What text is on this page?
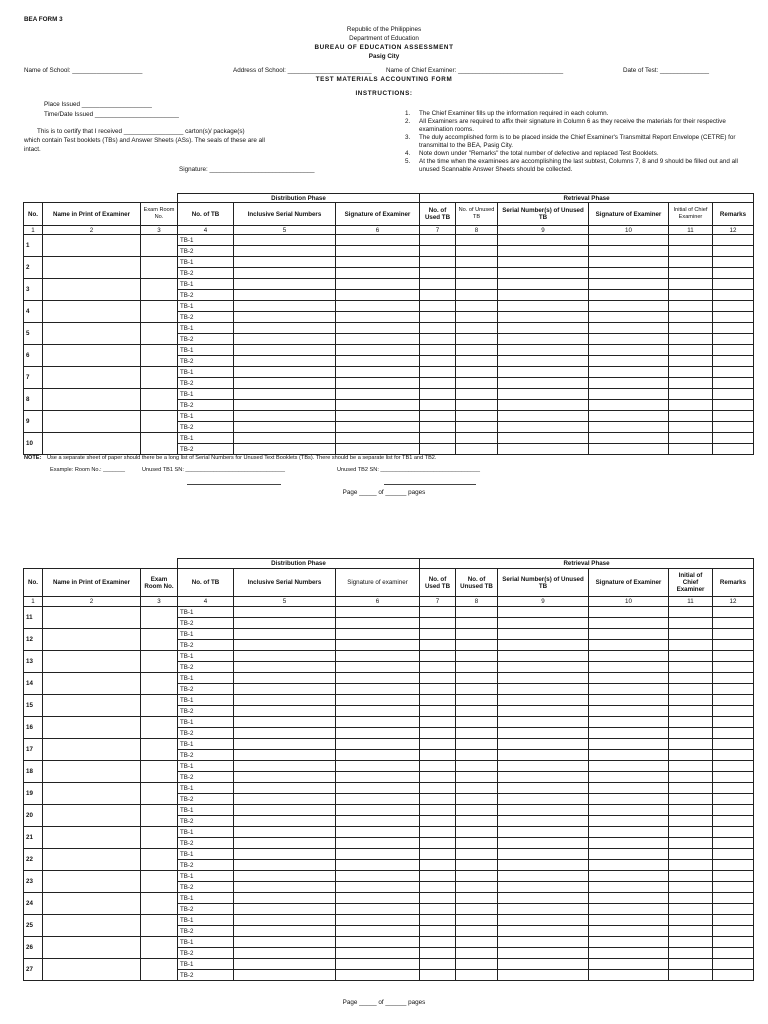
BEA FORM 3
Republic of the Philippines
Department of Education
BUREAU OF EDUCATION ASSESSMENT
Pasig City
Name of School: ____________________	Address of School: ________________________ Name of Chief Examiner: ______________________________	Date of Test: ______________
TEST MATERIALS ACCOUNTING FORM
INSTRUCTIONS:
Place Issued ____________________
Time/Date Issued ________________________
This is to certify that I received _________________ carton(s)/ package(s)
which contain Test booklets (TBs) and Answer Sheets (ASs). The seals of these are all
intact.
Signature: ______________________________
1.	The Chief Examiner fills up the information required in each column.
2.	All Examiners are required to affix their signature in Column 6 as they receive the materials for their respective examination rooms.
3.	The duly accomplished form is to be placed inside the Chief Examiner's Transmittal Report Envelope (CETRE) for transmittal to the BEA, Pasig City.
4.	Note down under "Remarks" the total number of defective and replaced Test Booklets.
5.	At the time when the examinees are accomplishing the last subtest, Columns 7, 8 and 9 should be filled out and all unused Scannable Answer Sheets should be collected.
			Distribution Phase			Retrieval Phase					
No.	Name in Print of Examiner	Exam Room No.	No. of TB	Inclusive Serial Numbers	Signature of Examiner	No. of Used TB	No. of Unused TB	Serial Number(s) of Unused TB	Signature of Examiner	Initial of Chief Examiner	Remarks
1	2	3	4	5	6	7	8	9	10	11	12
1			TB-1								
			TB-2								
2			TB-1								
			TB-2								
3			TB-1								
			TB-2								
4			TB-1								
			TB-2								
5			TB-1								
			TB-2								
6			TB-1								
			TB-2								
7			TB-1								
			TB-2								
8			TB-1								
			TB-2								
9			TB-1								
			TB-2								
10			TB-1								
			TB-2								
NOTE: Use a separate sheet of paper should there be a long list of Serial Numbers for Unused Text Booklets (TBs). There should be a separate list for TB1 and TB2.
Example: Room No.: _______	Unused TB1 SN: ________________________________	Unused TB2 SN: ________________________________
Page _____ of ______ pages
			Distribution Phase			Retrieval Phase					
No.	Name in Print of Examiner	Exam Room No.	No. of TB	Inclusive Serial Numbers	Signature of examiner	No. of Used TB	No. of Unused TB	Serial Number(s) of Unused TB	Signature of Examiner	Initial of Chief Examiner	Remarks
1	2	3	4	5	6	7	8	9	10	11	12
11			TB-1								
			TB-2								
12			TB-1								
			TB-2								
13			TB-1								
			TB-2								
14			TB-1								
			TB-2								
15			TB-1								
			TB-2								
16			TB-1								
			TB-2								
17			TB-1								
			TB-2								
18			TB-1								
			TB-2								
19			TB-1								
			TB-2								
20			TB-1								
			TB-2								
21			TB-1								
			TB-2								
22			TB-1								
			TB-2								
23			TB-1								
			TB-2								
24			TB-1								
			TB-2								
25			TB-1								
			TB-2								
26			TB-1								
			TB-2								
27			TB-1								
			TB-2								
Page _____ of ______ pages
